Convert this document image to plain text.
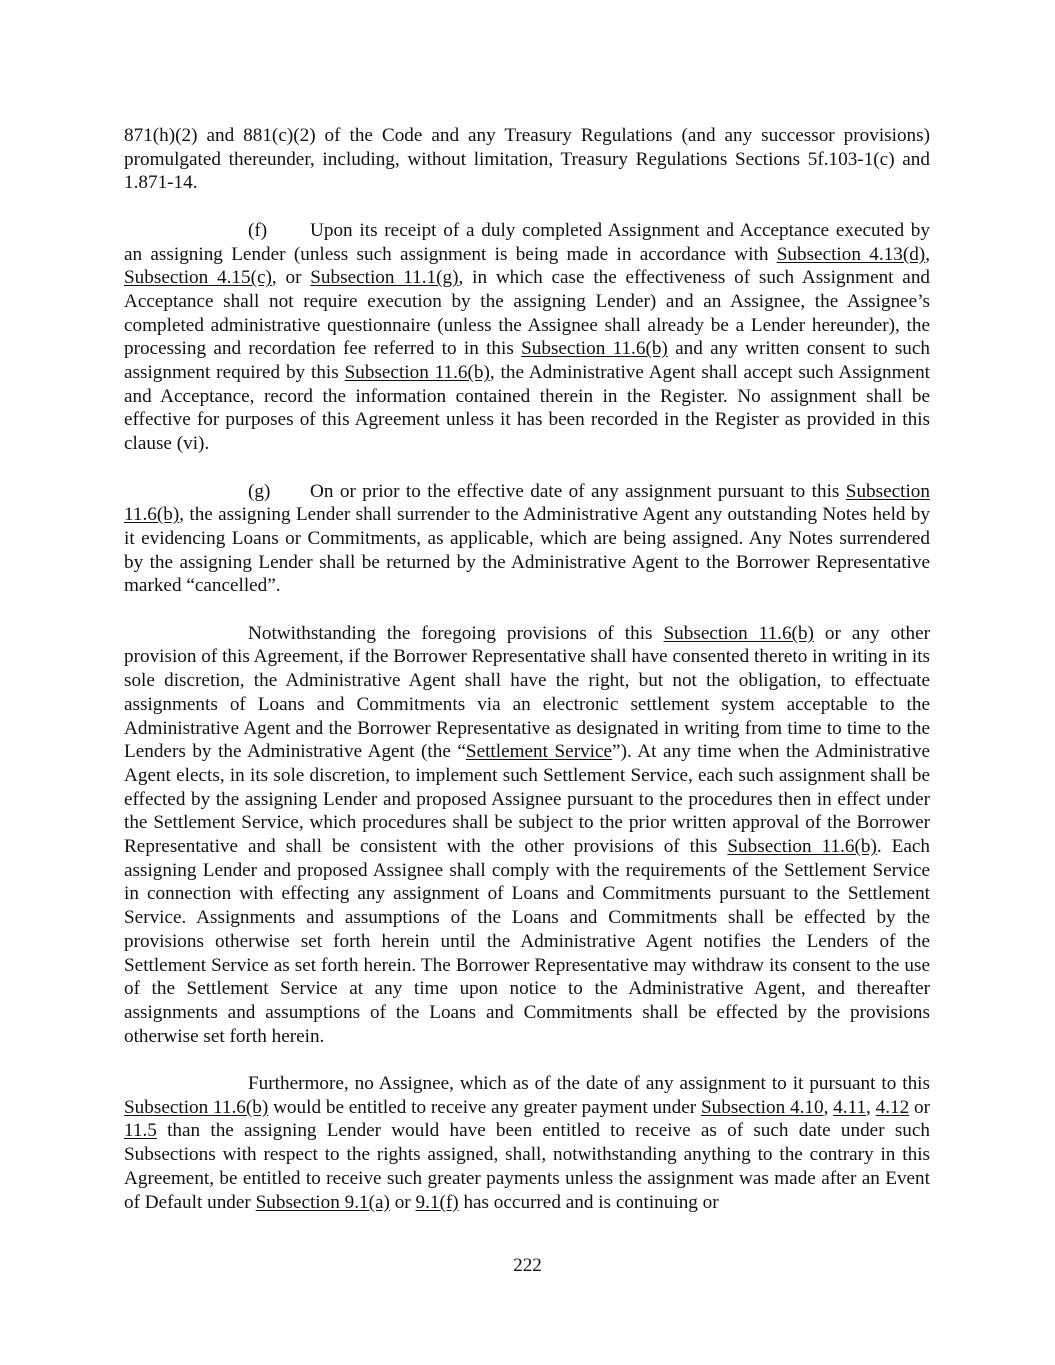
871(h)(2) and 881(c)(2) of the Code and any Treasury Regulations (and any successor provisions) promulgated thereunder, including, without limitation, Treasury Regulations Sections 5f.103-1(c) and 1.871-14.

(f) Upon its receipt of a duly completed Assignment and Acceptance executed by an assigning Lender (unless such assignment is being made in accordance with Subsection 4.13(d), Subsection 4.15(c), or Subsection 11.1(g), in which case the effectiveness of such Assignment and Acceptance shall not require execution by the assigning Lender) and an Assignee, the Assignee’s completed administrative questionnaire (unless the Assignee shall already be a Lender hereunder), the processing and recordation fee referred to in this Subsection 11.6(b) and any written consent to such assignment required by this Subsection 11.6(b), the Administrative Agent shall accept such Assignment and Acceptance, record the information contained therein in the Register. No assignment shall be effective for purposes of this Agreement unless it has been recorded in the Register as provided in this clause (vi).

(g) On or prior to the effective date of any assignment pursuant to this Subsection 11.6(b), the assigning Lender shall surrender to the Administrative Agent any outstanding Notes held by it evidencing Loans or Commitments, as applicable, which are being assigned. Any Notes surrendered by the assigning Lender shall be returned by the Administrative Agent to the Borrower Representative marked “cancelled”.

Notwithstanding the foregoing provisions of this Subsection 11.6(b) or any other provision of this Agreement, if the Borrower Representative shall have consented thereto in writing in its sole discretion, the Administrative Agent shall have the right, but not the obligation, to effectuate assignments of Loans and Commitments via an electronic settlement system acceptable to the Administrative Agent and the Borrower Representative as designated in writing from time to time to the Lenders by the Administrative Agent (the “Settlement Service”). At any time when the Administrative Agent elects, in its sole discretion, to implement such Settlement Service, each such assignment shall be effected by the assigning Lender and proposed Assignee pursuant to the procedures then in effect under the Settlement Service, which procedures shall be subject to the prior written approval of the Borrower Representative and shall be consistent with the other provisions of this Subsection 11.6(b). Each assigning Lender and proposed Assignee shall comply with the requirements of the Settlement Service in connection with effecting any assignment of Loans and Commitments pursuant to the Settlement Service. Assignments and assumptions of the Loans and Commitments shall be effected by the provisions otherwise set forth herein until the Administrative Agent notifies the Lenders of the Settlement Service as set forth herein. The Borrower Representative may withdraw its consent to the use of the Settlement Service at any time upon notice to the Administrative Agent, and thereafter assignments and assumptions of the Loans and Commitments shall be effected by the provisions otherwise set forth herein.

Furthermore, no Assignee, which as of the date of any assignment to it pursuant to this Subsection 11.6(b) would be entitled to receive any greater payment under Subsection 4.10, 4.11, 4.12 or 11.5 than the assigning Lender would have been entitled to receive as of such date under such Subsections with respect to the rights assigned, shall, notwithstanding anything to the contrary in this Agreement, be entitled to receive such greater payments unless the assignment was made after an Event of Default under Subsection 9.1(a) or 9.1(f) has occurred and is continuing or

222
